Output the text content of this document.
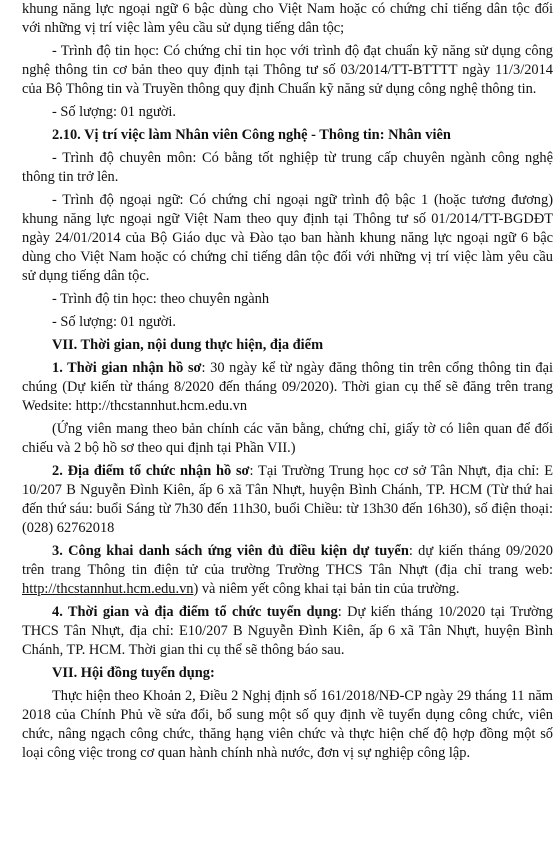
khung năng lực ngoại ngữ 6 bậc dùng cho Việt Nam hoặc có chứng chỉ tiếng dân tộc đối với những vị trí việc làm yêu cầu sử dụng tiếng dân tộc;

- Trình độ tin học: Có chứng chỉ tin học với trình độ đạt chuẩn kỹ năng sử dụng công nghệ thông tin cơ bản theo quy định tại Thông tư số 03/2014/TT-BTTTT ngày 11/3/2014 của Bộ Thông tin và Truyền thông quy định Chuẩn kỹ năng sử dụng công nghệ thông tin.

- Số lượng: 01 người.

2.10. Vị trí việc làm Nhân viên Công nghệ - Thông tin: Nhân viên

- Trình độ chuyên môn: Có bằng tốt nghiệp từ trung cấp chuyên ngành công nghệ thông tin trở lên.

- Trình độ ngoại ngữ: Có chứng chỉ ngoại ngữ trình độ bậc 1 (hoặc tương đương) khung năng lực ngoại ngữ Việt Nam theo quy định tại Thông tư số 01/2014/TT-BGDĐT ngày 24/01/2014 của Bộ Giáo dục và Đào tạo ban hành khung năng lực ngoại ngữ 6 bậc dùng cho Việt Nam hoặc có chứng chỉ tiếng dân tộc đối với những vị trí việc làm yêu cầu sử dụng tiếng dân tộc.

- Trình độ tin học: theo chuyên ngành

- Số lượng: 01 người.

VII. Thời gian, nội dung thực hiện, địa điểm

1. Thời gian nhận hồ sơ: 30 ngày kể từ ngày đăng thông tin trên cổng thông tin đại chúng (Dự kiến từ tháng 8/2020 đến tháng 09/2020). Thời gian cụ thể sẽ đăng trên trang Wedsite: http://thcstannhut.hcm.edu.vn

(Ứng viên mang theo bản chính các văn bằng, chứng chỉ, giấy tờ có liên quan để đối chiếu và 2 bộ hồ sơ theo qui định tại Phần VII.)

2. Địa điểm tổ chức nhận hồ sơ: Tại Trường Trung học cơ sở Tân Nhựt, địa chỉ: E 10/207 B Nguyễn Đình Kiên, ấp 6 xã Tân Nhựt, huyện Bình Chánh, TP. HCM (Từ thứ hai đến thứ sáu: buổi Sáng từ 7h30 đến 11h30, buổi Chiều: từ 13h30 đến 16h30), số điện thoại: (028) 62762018

3. Công khai danh sách ứng viên đủ điều kiện dự tuyển: dự kiến tháng 09/2020 trên trang Thông tin điện tử của trường Trường THCS Tân Nhựt (địa chỉ trang web: http://thcstannhut.hcm.edu.vn) và niêm yết công khai tại bản tin của trường.

4. Thời gian và địa điểm tổ chức tuyển dụng: Dự kiến tháng 10/2020 tại Trường THCS Tân Nhựt, địa chỉ: E10/207 B Nguyễn Đình Kiên, ấp 6 xã Tân Nhựt, huyện Bình Chánh, TP. HCM. Thời gian thi cụ thể sẽ thông báo sau.

VII. Hội đồng tuyển dụng:

Thực hiện theo Khoản 2, Điều 2 Nghị định số 161/2018/NĐ-CP ngày 29 tháng 11 năm 2018 của Chính Phủ về sửa đổi, bổ sung một số quy định về tuyển dụng công chức, viên chức, nâng ngạch công chức, thăng hạng viên chức và thực hiện chế độ hợp đồng một số loại công việc trong cơ quan hành chính nhà nước, đơn vị sự nghiệp công lập.
